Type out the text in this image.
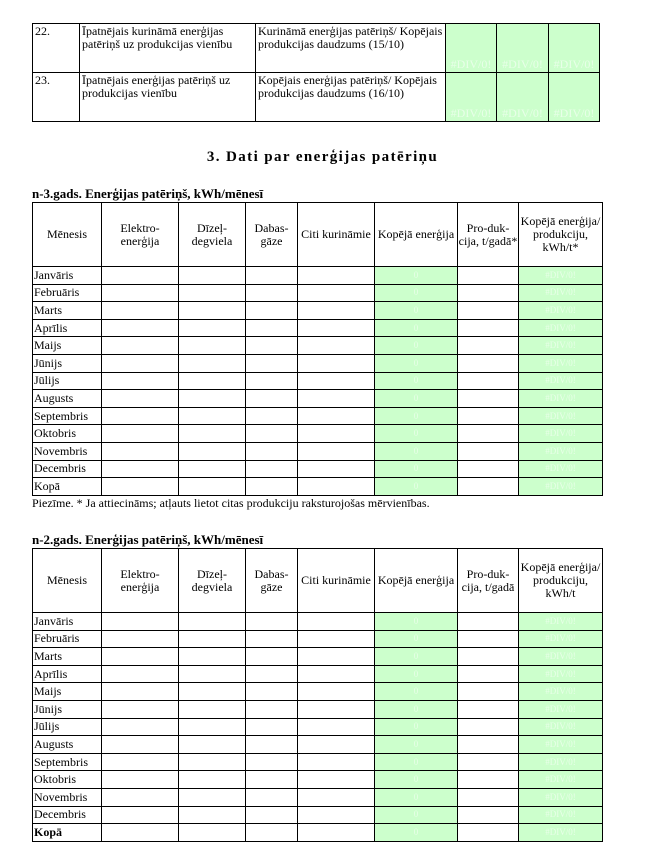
22.	Īpatnējais kurināmā enerģijas patēriņš uz produkcijas vienību	Kurināmā enerģijas patēriņš/ Kopējais produkcijas daudzums (15/10)	#DIV/0!	#DIV/0!	#DIV/0!
23.	Īpatnējais enerģijas patēriņš uz produkcijas vienību	Kopējais enerģijas patēriņš/ Kopējais produkcijas daudzums (16/10)	#DIV/0!	#DIV/0!	#DIV/0!
3. Dati par enerģijas patēriņu
n-3.gads. Enerģijas patēriņš, kWh/mēnesī
Mēnesis	Elektro-enerģija	Dīzeļ-degviela	Dabas-gāze	Citi kurināmie	Kopējā enerģija	Pro-duk-cija, t/gadā*	Kopējā enerģija/ produkciju, kWh/t*
Janvāris					0		#DIV/0!
Februāris					0		#DIV/0!
Marts					0		#DIV/0!
Aprīlis					0		#DIV/0!
Maijs					0		#DIV/0!
Jūnijs					0		#DIV/0!
Jūlijs					0		#DIV/0!
Augusts					0		#DIV/0!
Septembris					0		#DIV/0!
Oktobris					0		#DIV/0!
Novembris					0		#DIV/0!
Decembris					0		#DIV/0!
Kopā					0		#DIV/0!
Piezīme. * Ja attiecināms; atļauts lietot citas produkciju raksturojošas mērvienības.
n-2.gads. Enerģijas patēriņš, kWh/mēnesī
Mēnesis	Elektro-enerģija	Dīzeļ-degviela	Dabas-gāze	Citi kurināmie	Kopējā enerģija	Pro-duk-cija, t/gadā	Kopējā enerģija/ produkciju, kWh/t
Janvāris					0		#DIV/0!
Februāris					0		#DIV/0!
Marts					0		#DIV/0!
Aprīlis					0		#DIV/0!
Maijs					0		#DIV/0!
Jūnijs					0		#DIV/0!
Jūlijs					0		#DIV/0!
Augusts					0		#DIV/0!
Septembris					0		#DIV/0!
Oktobris					0		#DIV/0!
Novembris					0		#DIV/0!
Decembris					0		#DIV/0!
Kopā					0		#DIV/0!
